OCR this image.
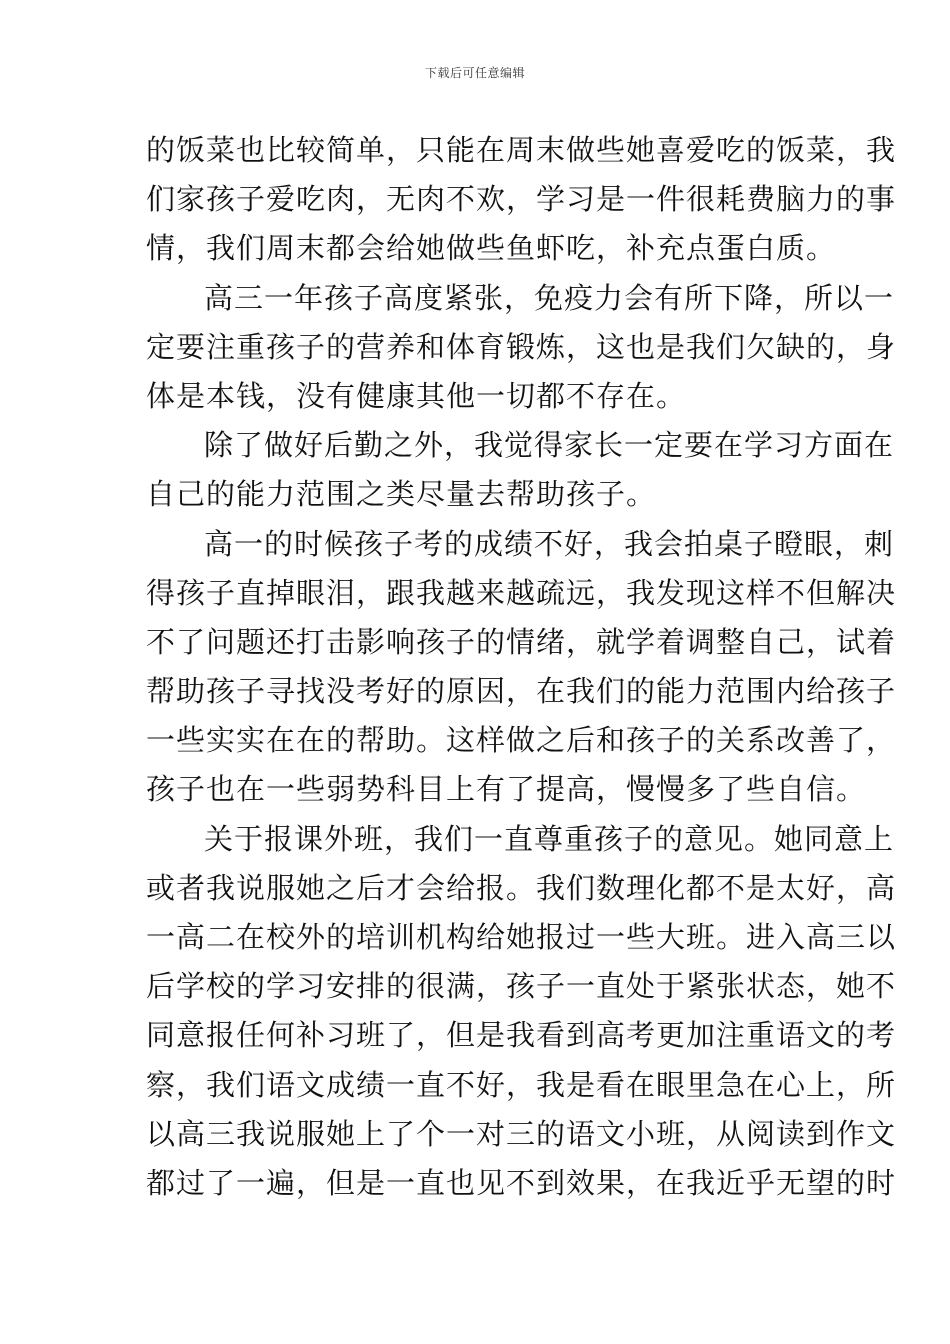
下载后可任意编辑
的饭菜也比较简单，只能在周末做些她喜爱吃的饭菜，我
们家孩子爱吃肉，无肉不欢，学习是一件很耗费脑力的事
情，我们周末都会给她做些鱼虾吃，补充点蛋白质。
高三一年孩子高度紧张，免疫力会有所下降，所以一
定要注重孩子的营养和体育锻炼，这也是我们欠缺的，身
体是本钱，没有健康其他一切都不存在。
除了做好后勤之外，我觉得家长一定要在学习方面在
自己的能力范围之类尽量去帮助孩子。
高一的时候孩子考的成绩不好，我会拍桌子瞪眼，刺
得孩子直掉眼泪，跟我越来越疏远，我发现这样不但解决
不了问题还打击影响孩子的情绪，就学着调整自己，试着
帮助孩子寻找没考好的原因，在我们的能力范围内给孩子
一些实实在在的帮助。这样做之后和孩子的关系改善了，
孩子也在一些弱势科目上有了提高，慢慢多了些自信。
关于报课外班，我们一直尊重孩子的意见。她同意上
或者我说服她之后才会给报。我们数理化都不是太好，高
一高二在校外的培训机构给她报过一些大班。进入高三以
后学校的学习安排的很满，孩子一直处于紧张状态，她不
同意报任何补习班了，但是我看到高考更加注重语文的考
察，我们语文成绩一直不好，我是看在眼里急在心上，所
以高三我说服她上了个一对三的语文小班，从阅读到作文
都过了一遍，但是一直也见不到效果，在我近乎无望的时
